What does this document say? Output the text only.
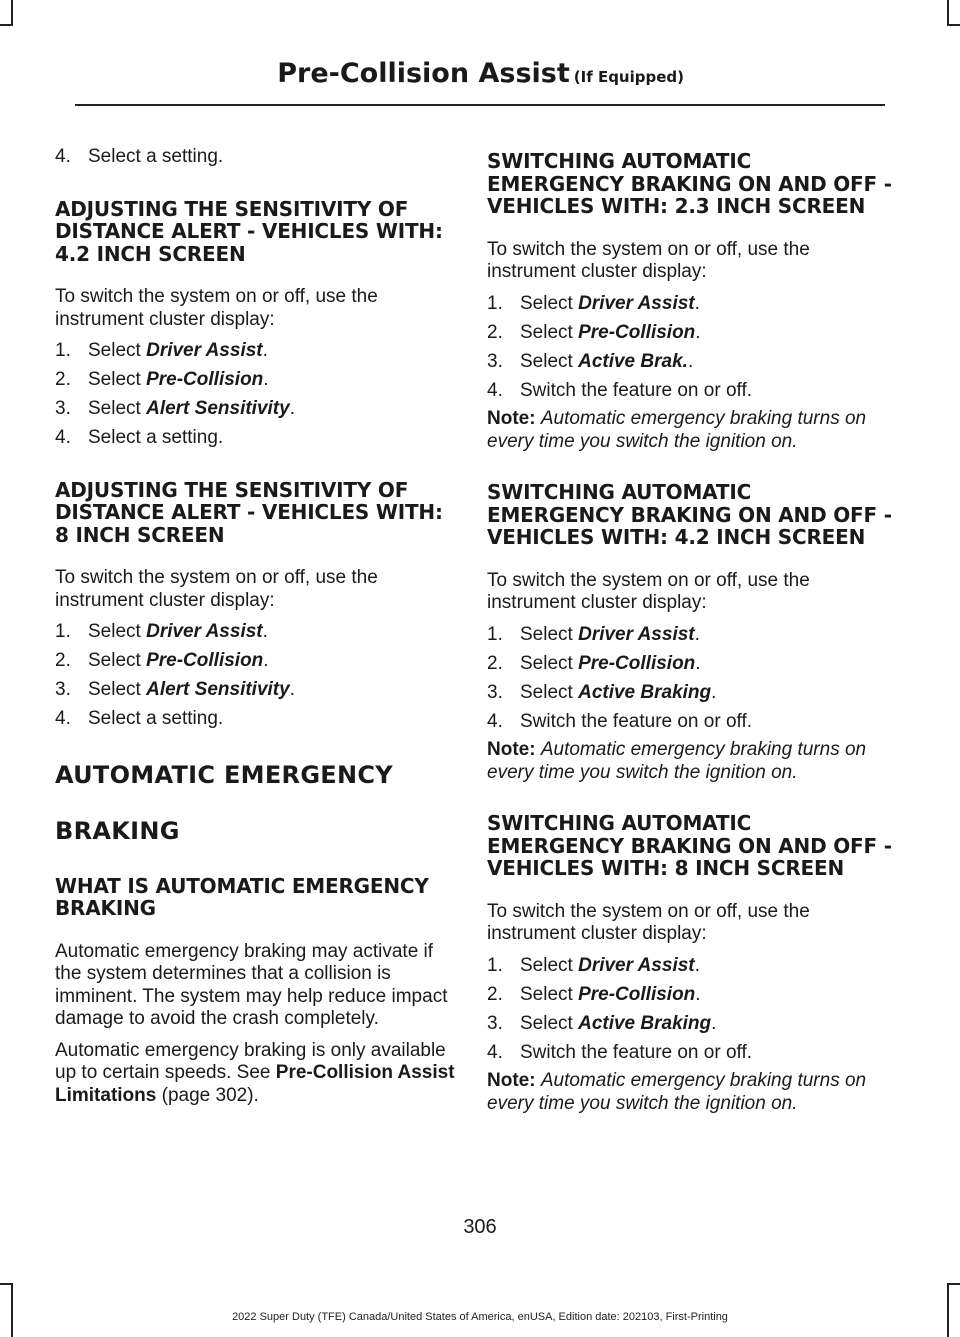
Pre-Collision Assist (If Equipped)
4. Select a setting.
ADJUSTING THE SENSITIVITY OF DISTANCE ALERT - VEHICLES WITH: 4.2 INCH SCREEN

To switch the system on or off, use the instrument cluster display:

1. Select Driver Assist.
2. Select Pre-Collision.
3. Select Alert Sensitivity.
4. Select a setting.
ADJUSTING THE SENSITIVITY OF DISTANCE ALERT - VEHICLES WITH: 8 INCH SCREEN

To switch the system on or off, use the instrument cluster display:

1. Select Driver Assist.
2. Select Pre-Collision.
3. Select Alert Sensitivity.
4. Select a setting.
AUTOMATIC EMERGENCY
BRAKING
WHAT IS AUTOMATIC EMERGENCY BRAKING

Automatic emergency braking may activate if the system determines that a collision is imminent. The system may help reduce impact damage to avoid the crash completely.

Automatic emergency braking is only available up to certain speeds. See Pre-Collision Assist Limitations (page 302).

SWITCHING AUTOMATIC EMERGENCY BRAKING ON AND OFF - VEHICLES WITH: 2.3 INCH SCREEN

To switch the system on or off, use the instrument cluster display:

1. Select Driver Assist.
2. Select Pre-Collision.
3. Select Active Brak..
4. Switch the feature on or off.

Note: Automatic emergency braking turns on every time you switch the ignition on.

SWITCHING AUTOMATIC EMERGENCY BRAKING ON AND OFF - VEHICLES WITH: 4.2 INCH SCREEN

To switch the system on or off, use the instrument cluster display:

1. Select Driver Assist.
2. Select Pre-Collision.
3. Select Active Braking.
4. Switch the feature on or off.

Note: Automatic emergency braking turns on every time you switch the ignition on.

SWITCHING AUTOMATIC EMERGENCY BRAKING ON AND OFF - VEHICLES WITH: 8 INCH SCREEN

To switch the system on or off, use the instrument cluster display:

1. Select Driver Assist.
2. Select Pre-Collision.
3. Select Active Braking.
4. Switch the feature on or off.

Note: Automatic emergency braking turns on every time you switch the ignition on.

306
2022 Super Duty (TFE) Canada/United States of America, enUSA, Edition date: 202103, First-Printing
